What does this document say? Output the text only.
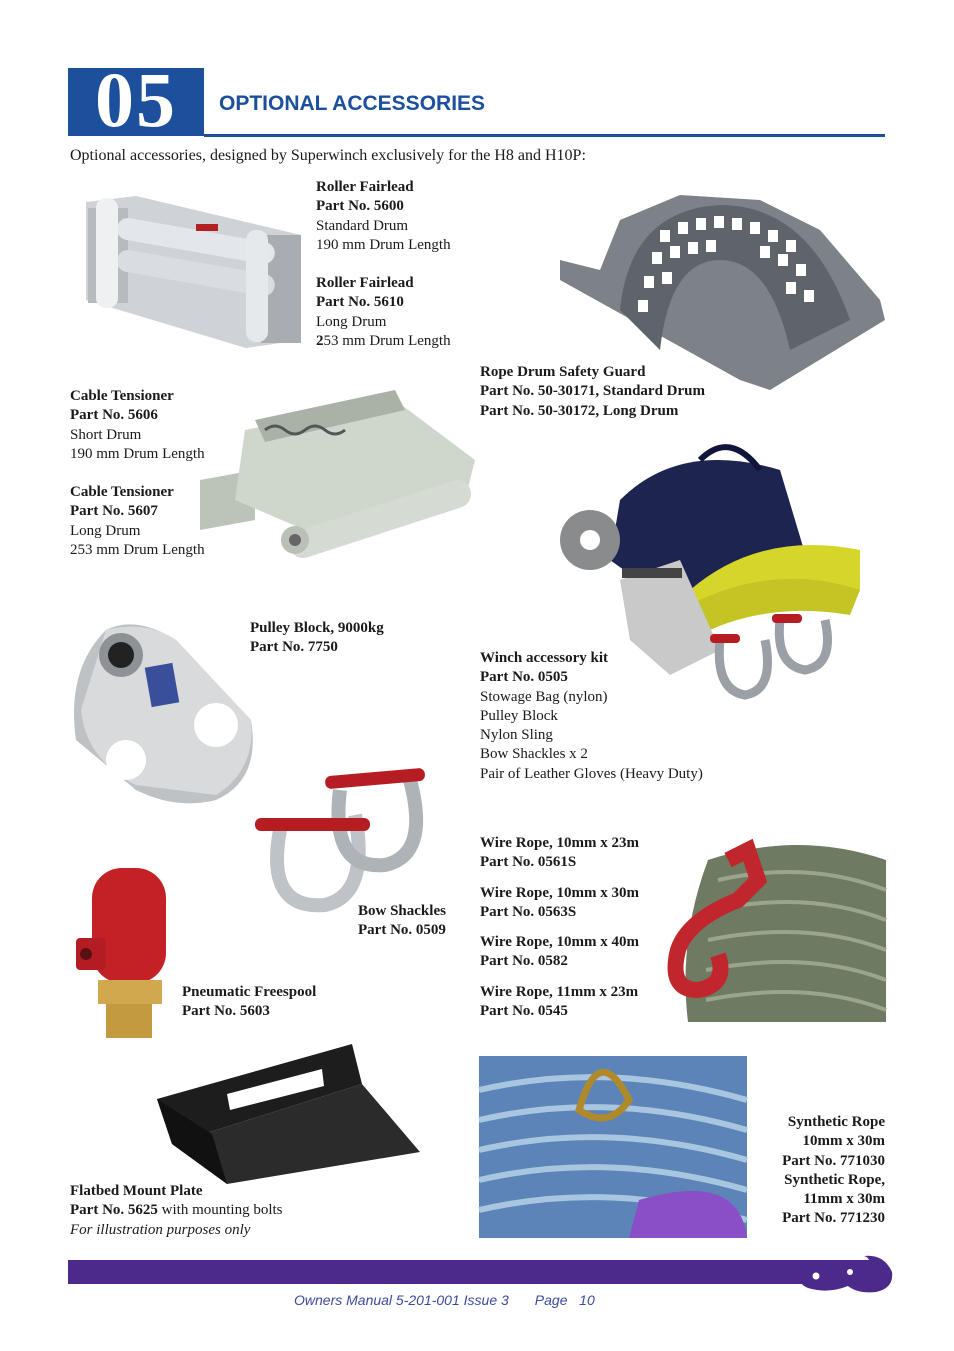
05	OPTIONAL ACCESSORIES
Optional accessories, designed by Superwinch exclusively for the H8 and H10P:
Roller Fairlead
Part No. 5600
Standard Drum
190 mm Drum Length
Roller Fairlead
Part No. 5610
Long Drum
253 mm Drum Length
Rope Drum Safety Guard
Part No. 50-30171, Standard Drum
Part No. 50-30172, Long Drum
Cable Tensioner
Part No. 5606
Short Drum
190 mm Drum Length
Cable Tensioner
Part No. 5607
Long Drum
253 mm Drum Length
Pulley Block, 9000kg
Part No. 7750
Winch accessory kit
Part No. 0505
Stowage Bag (nylon)
Pulley Block
Nylon Sling
Bow Shackles x 2
Pair of Leather Gloves (Heavy Duty)
Bow Shackles
Part No. 0509
Wire Rope, 10mm x 23m
Part No. 0561S
Wire Rope, 10mm x 30m
Part No. 0563S
Wire Rope, 10mm x 40m
Part No. 0582
Wire Rope, 11mm x 23m
Part No. 0545
Pneumatic Freespool
Part No. 5603
Flatbed Mount Plate
Part No. 5625 with mounting bolts
For illustration purposes only
Synthetic Rope
10mm x 30m
Part No. 771030
Synthetic Rope,
11mm x 30m
Part No. 771230
Owners Manual 5-201-001 Issue 3 Page 10
